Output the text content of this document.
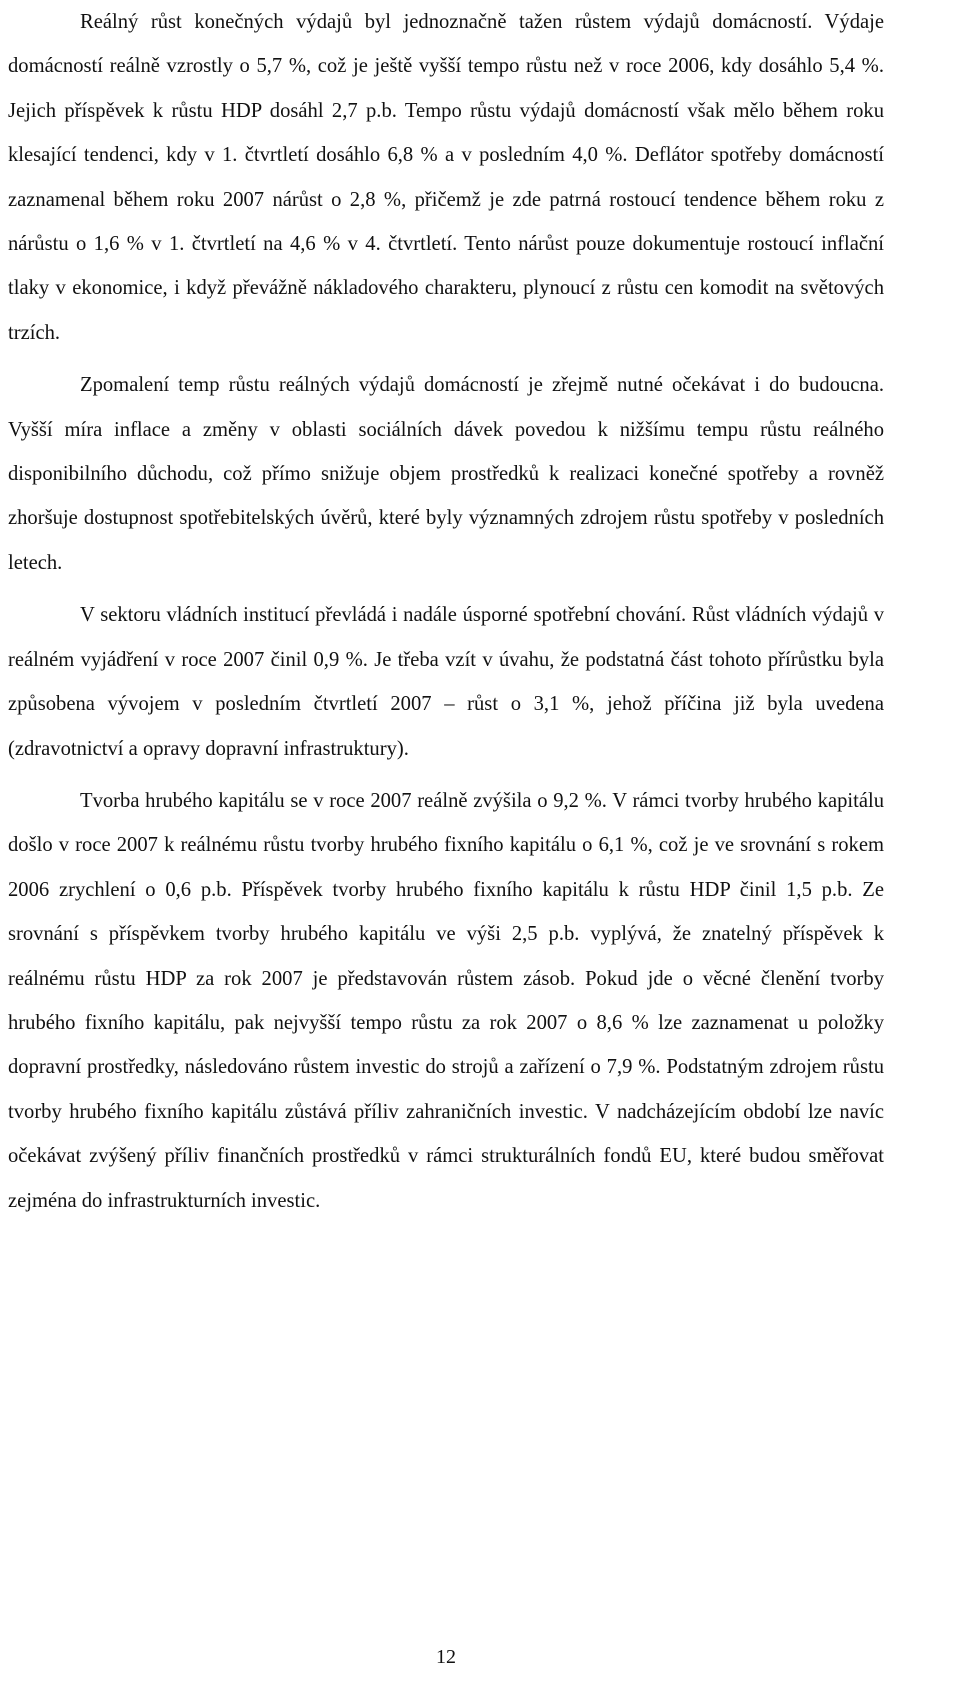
Reálný růst konečných výdajů byl jednoznačně tažen růstem výdajů domácností. Výdaje domácností reálně vzrostly o 5,7 %, což je ještě vyšší tempo růstu než v roce 2006, kdy dosáhlo 5,4 %. Jejich příspěvek k růstu HDP dosáhl 2,7 p.b. Tempo růstu výdajů domácností však mělo během roku klesající tendenci, kdy v 1. čtvrtletí dosáhlo 6,8 % a v posledním 4,0 %. Deflátor spotřeby domácností zaznamenal během roku 2007 nárůst o 2,8 %, přičemž je zde patrná rostoucí tendence během roku z nárůstu o 1,6 % v 1. čtvrtletí na 4,6 % v 4. čtvrtletí. Tento nárůst pouze dokumentuje rostoucí inflační tlaky v ekonomice, i když převážně nákladového charakteru, plynoucí z růstu cen komodit na světových trzích.

Zpomalení temp růstu reálných výdajů domácností je zřejmě nutné očekávat i do budoucna. Vyšší míra inflace a změny v oblasti sociálních dávek povedou k nižšímu tempu růstu reálného disponibilního důchodu, což přímo snižuje objem prostředků k realizaci konečné spotřeby a rovněž zhoršuje dostupnost spotřebitelských úvěrů, které byly významných zdrojem růstu spotřeby v posledních letech.

V sektoru vládních institucí převládá i nadále úsporné spotřební chování. Růst vládních výdajů v reálném vyjádření v roce 2007 činil 0,9 %. Je třeba vzít v úvahu, že podstatná část tohoto přírůstku byla způsobena vývojem v posledním čtvrtletí 2007 – růst o 3,1 %, jehož příčina již byla uvedena (zdravotnictví a opravy dopravní infrastruktury).

Tvorba hrubého kapitálu se v roce 2007 reálně zvýšila o 9,2 %. V rámci tvorby hrubého kapitálu došlo v roce 2007 k reálnému růstu tvorby hrubého fixního kapitálu o 6,1 %, což je ve srovnání s rokem 2006 zrychlení o 0,6 p.b. Příspěvek tvorby hrubého fixního kapitálu k růstu HDP činil 1,5 p.b. Ze srovnání s příspěvkem tvorby hrubého kapitálu ve výši 2,5 p.b. vyplývá, že znatelný příspěvek k reálnému růstu HDP za rok 2007 je představován růstem zásob. Pokud jde o věcné členění tvorby hrubého fixního kapitálu, pak nejvyšší tempo růstu za rok 2007 o 8,6 % lze zaznamenat u položky dopravní prostředky, následováno růstem investic do strojů a zařízení o 7,9 %. Podstatným zdrojem růstu tvorby hrubého fixního kapitálu zůstává příliv zahraničních investic. V nadcházejícím období lze navíc očekávat zvýšený příliv finančních prostředků v rámci strukturálních fondů EU, které budou směřovat zejména do infrastrukturních investic.

12
